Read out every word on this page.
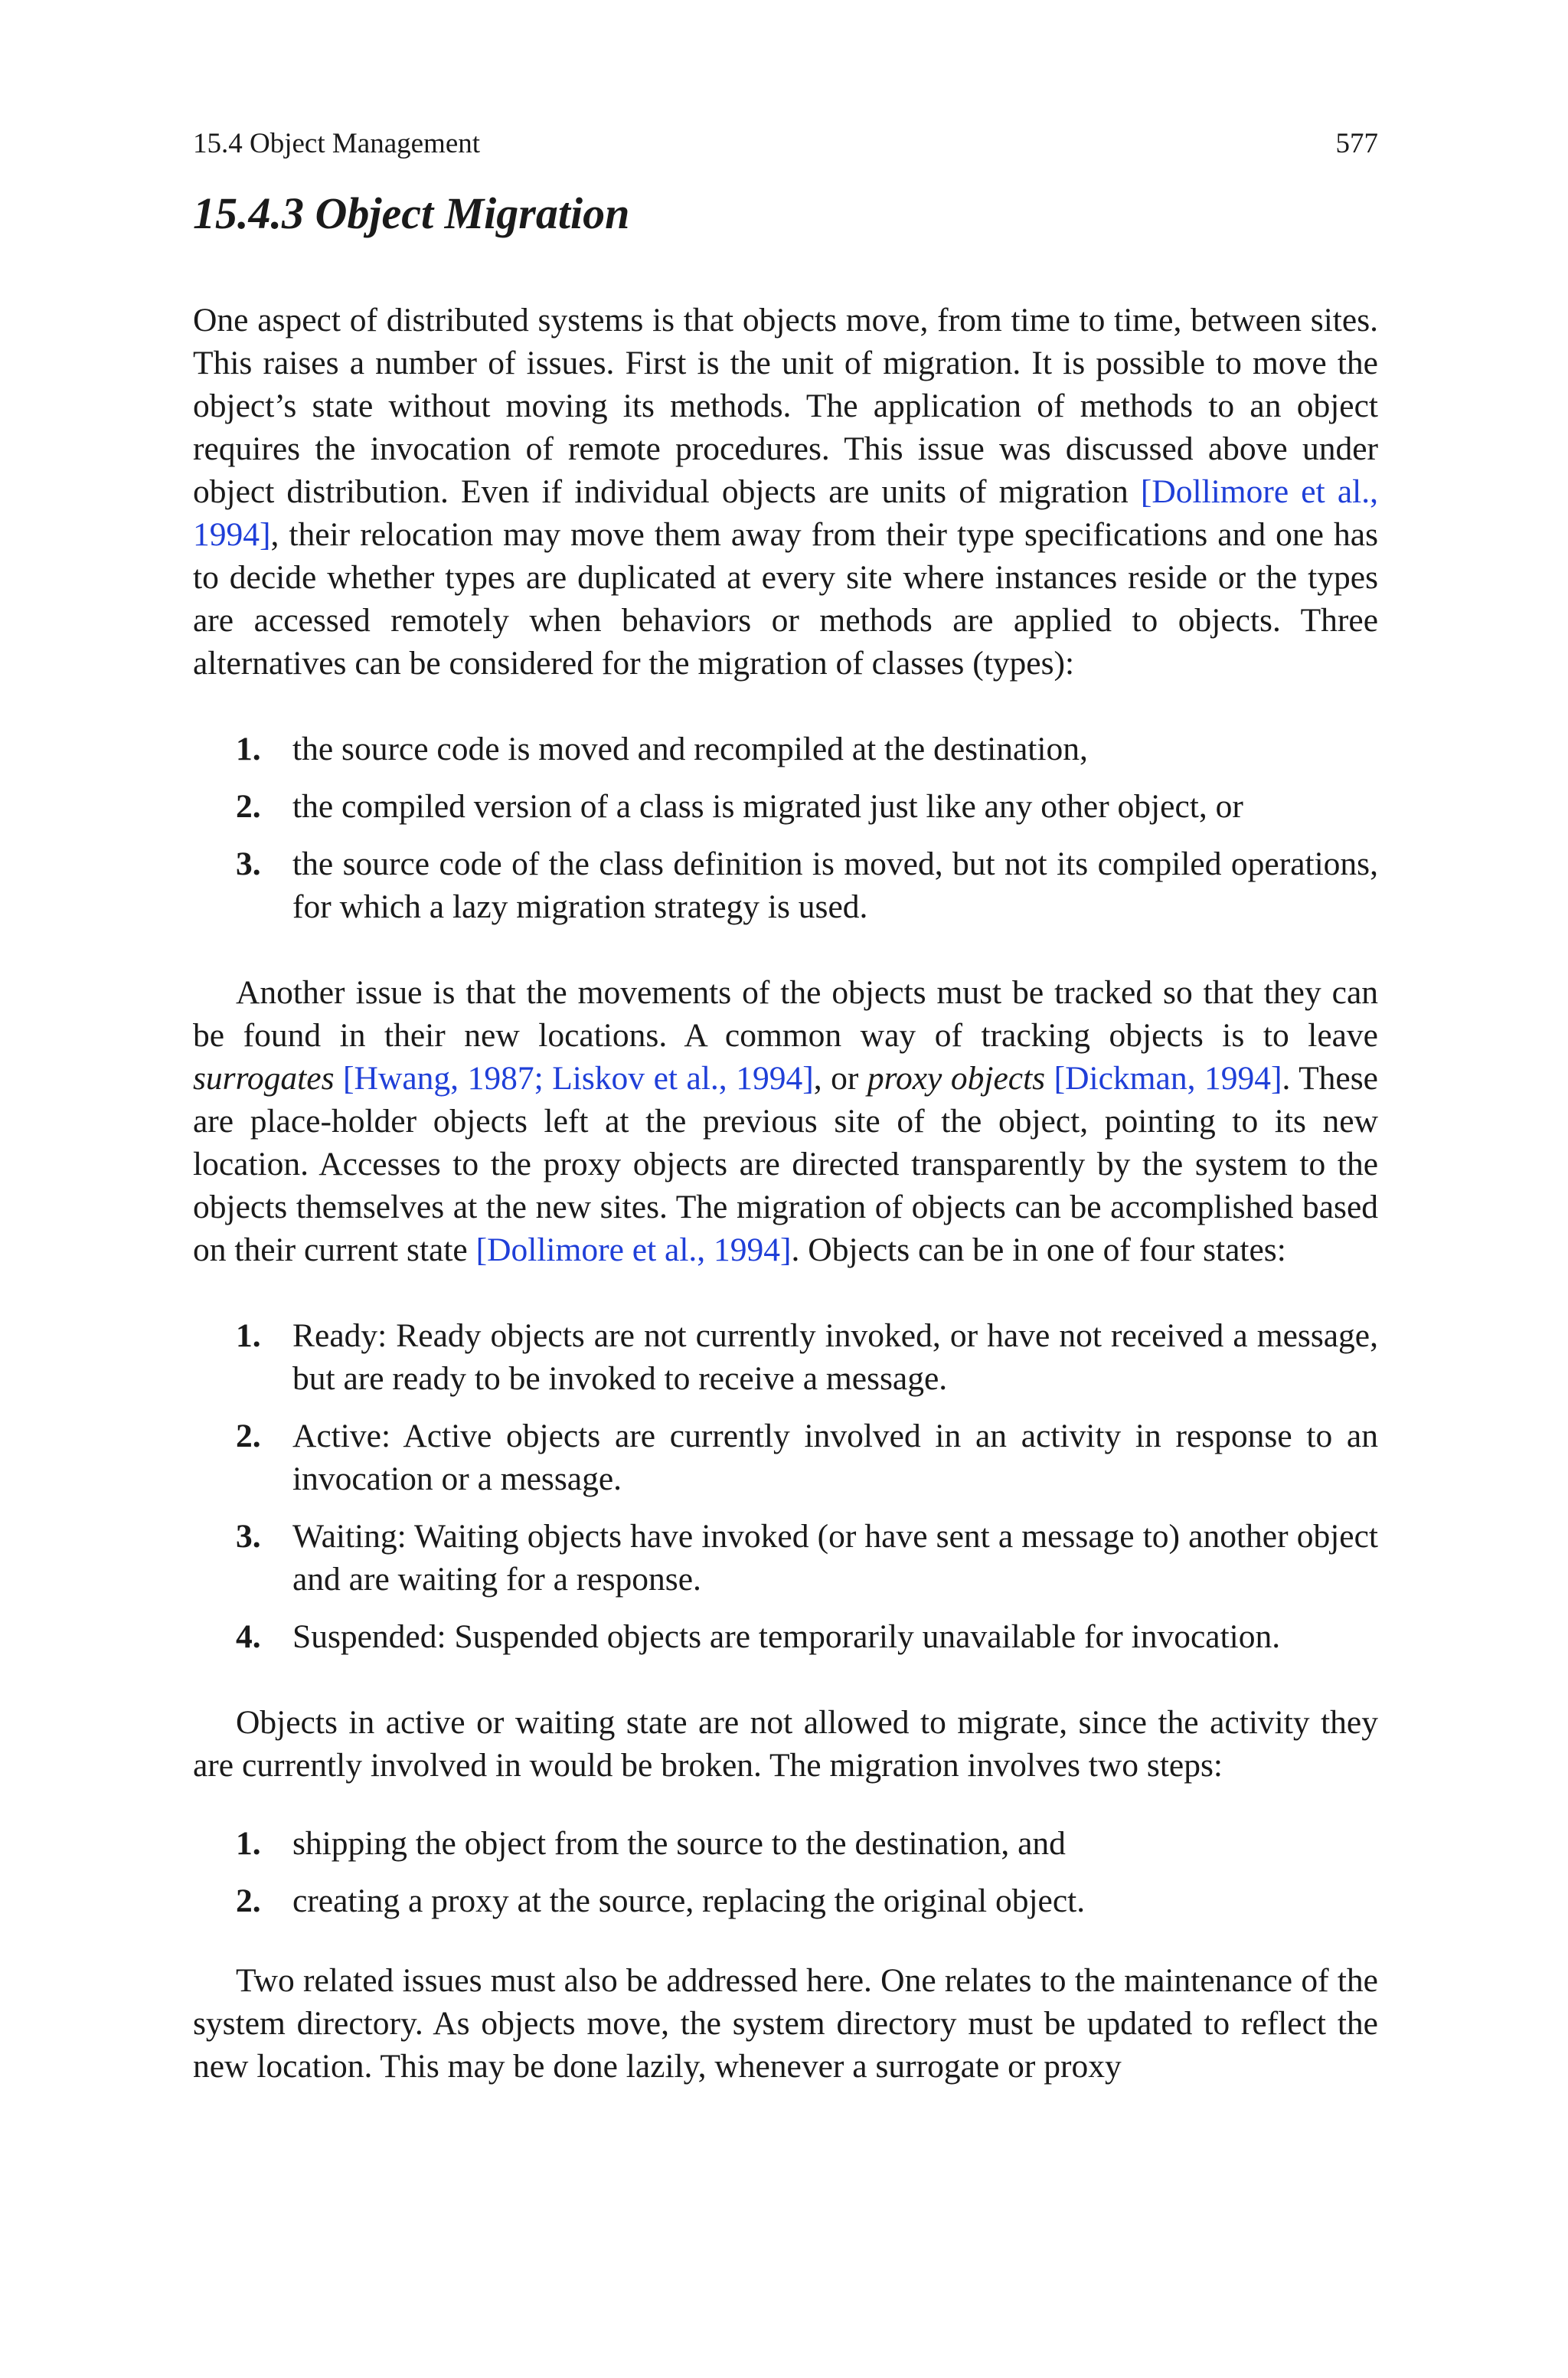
15.4 Object Management	577
15.4.3 Object Migration

One aspect of distributed systems is that objects move, from time to time, between sites. This raises a number of issues. First is the unit of migration. It is possible to move the object’s state without moving its methods. The application of methods to an object requires the invocation of remote procedures. This issue was discussed above under object distribution. Even if individual objects are units of migration [Dollimore et al., 1994], their relocation may move them away from their type specifications and one has to decide whether types are duplicated at every site where instances reside or the types are accessed remotely when behaviors or methods are applied to objects. Three alternatives can be considered for the migration of classes (types):

1. the source code is moved and recompiled at the destination,
2. the compiled version of a class is migrated just like any other object, or
3. the source code of the class definition is moved, but not its compiled operations, for which a lazy migration strategy is used.

Another issue is that the movements of the objects must be tracked so that they can be found in their new locations. A common way of tracking objects is to leave surrogates [Hwang, 1987; Liskov et al., 1994], or proxy objects [Dickman, 1994]. These are place-holder objects left at the previous site of the object, pointing to its new location. Accesses to the proxy objects are directed transparently by the system to the objects themselves at the new sites. The migration of objects can be accomplished based on their current state [Dollimore et al., 1994]. Objects can be in one of four states:

1. Ready: Ready objects are not currently invoked, or have not received a message, but are ready to be invoked to receive a message.
2. Active: Active objects are currently involved in an activity in response to an invocation or a message.
3. Waiting: Waiting objects have invoked (or have sent a message to) another object and are waiting for a response.
4. Suspended: Suspended objects are temporarily unavailable for invocation.

Objects in active or waiting state are not allowed to migrate, since the activity they are currently involved in would be broken. The migration involves two steps:

1. shipping the object from the source to the destination, and
2. creating a proxy at the source, replacing the original object.

Two related issues must also be addressed here. One relates to the maintenance of the system directory. As objects move, the system directory must be updated to reflect the new location. This may be done lazily, whenever a surrogate or proxy
